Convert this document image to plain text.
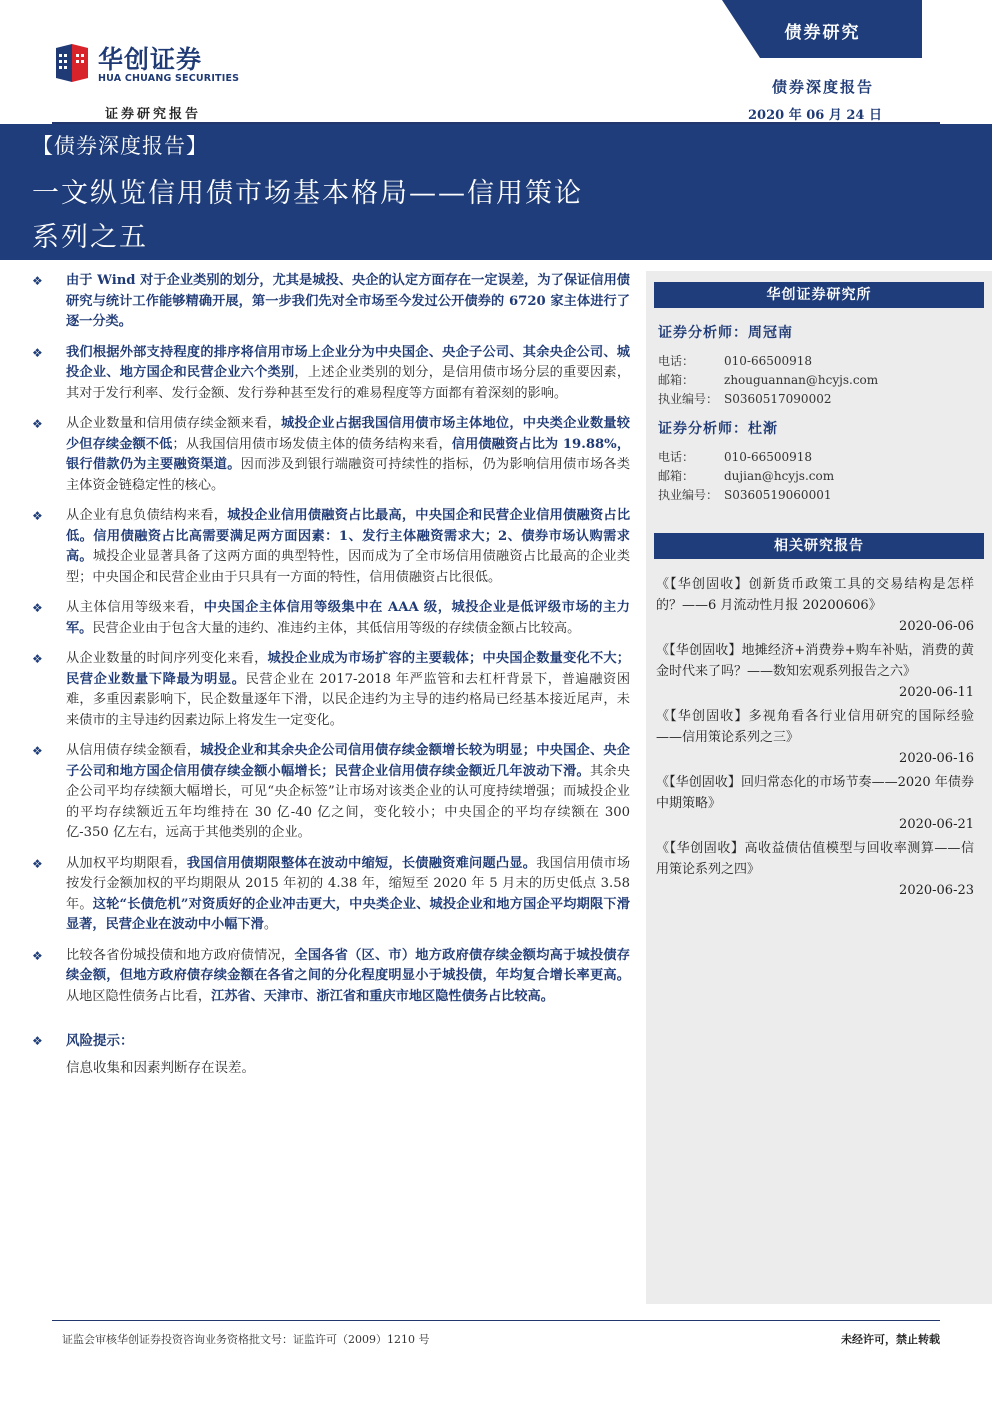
华创证券
HUA CHUANG SECURITIES
证券研究报告
债券研究
债券深度报告
2020 年 06 月 24 日
【债券深度报告】
一文纵览信用债市场基本格局——信用策论
系列之五
❖	由于 Wind 对于企业类别的划分，尤其是城投、央企的认定方面存在一定误差，为了保证信用债研究与统计工作能够精确开展，第一步我们先对全市场至今发过公开债券的 6720 家主体进行了逐一分类。
❖	我们根据外部支持程度的排序将信用市场上企业分为中央国企、央企子公司、其余央企公司、城投企业、地方国企和民营企业六个类别，上述企业类别的划分，是信用债市场分层的重要因素，其对于发行利率、发行金额、发行券种甚至发行的难易程度等方面都有着深刻的影响。
❖	从企业数量和信用债存续金额来看，城投企业占据我国信用债市场主体地位，中央类企业数量较少但存续金额不低；从我国信用债市场发债主体的债务结构来看，信用债融资占比为 19.88%，银行借款仍为主要融资渠道。因而涉及到银行端融资可持续性的指标，仍为影响信用债市场各类主体资金链稳定性的核心。
❖	从企业有息负债结构来看，城投企业信用债融资占比最高，中央国企和民营企业信用债融资占比低。信用债融资占比高需要满足两方面因素：1、发行主体融资需求大；2、债券市场认购需求高。城投企业显著具备了这两方面的典型特性，因而成为了全市场信用债融资占比最高的企业类型；中央国企和民营企业由于只具有一方面的特性，信用债融资占比很低。
❖	从主体信用等级来看，中央国企主体信用等级集中在 AAA 级，城投企业是低评级市场的主力军。民营企业由于包含大量的违约、准违约主体，其低信用等级的存续债金额占比较高。
❖	从企业数量的时间序列变化来看，城投企业成为市场扩容的主要载体；中央国企数量变化不大；民营企业数量下降最为明显。民营企业在 2017-2018 年严监管和去杠杆背景下，普遍融资困难，多重因素影响下，民企数量逐年下滑，以民企违约为主导的违约格局已经基本接近尾声，未来债市的主导违约因素边际上将发生一定变化。
❖	从信用债存续金额看，城投企业和其余央企公司信用债存续金额增长较为明显；中央国企、央企子公司和地方国企信用债存续金额小幅增长；民营企业信用债存续金额近几年波动下滑。其余央企公司平均存续额大幅增长，可见“央企标签”让市场对该类企业的认可度持续增强；而城投企业的平均存续额近五年均维持在 30 亿-40 亿之间，变化较小；中央国企的平均存续额在 300 亿-350 亿左右，远高于其他类别的企业。
❖	从加权平均期限看，我国信用债期限整体在波动中缩短，长债融资难问题凸显。我国信用债市场按发行金额加权的平均期限从 2015 年初的 4.38 年，缩短至 2020 年 5 月末的历史低点 3.58 年。这轮“长债危机”对资质好的企业冲击更大，中央类企业、城投企业和地方国企平均期限下滑显著，民营企业在波动中小幅下滑。
❖	比较各省份城投债和地方政府债情况，全国各省（区、市）地方政府债存续金额均高于城投债存续金额，但地方政府债存续金额在各省之间的分化程度明显小于城投债，年均复合增长率更高。从地区隐性债务占比看，江苏省、天津市、浙江省和重庆市地区隐性债务占比较高。
❖	风险提示：
信息收集和因素判断存在误差。
华创证券研究所
证券分析师：周冠南
电话： 010-66500918
邮箱： zhouguannan@hcyjs.com
执业编号： S0360517090002
证券分析师：杜渐
电话： 010-66500918
邮箱： dujian@hcyjs.com
执业编号： S0360519060001
相关研究报告
《【华创固收】创新货币政策工具的交易结构是怎样的？——6 月流动性月报 20200606》
2020-06-06
《【华创固收】地摊经济+消费券+购车补贴，消费的黄金时代来了吗？——数知宏观系列报告之六》
2020-06-11
《【华创固收】多视角看各行业信用研究的国际经验——信用策论系列之三》
2020-06-16
《【华创固收】回归常态化的市场节奏——2020 年债券中期策略》
2020-06-21
《【华创固收】高收益债估值模型与回收率测算——信用策论系列之四》
2020-06-23
证监会审核华创证券投资咨询业务资格批文号：证监许可（2009）1210 号	未经许可，禁止转载
